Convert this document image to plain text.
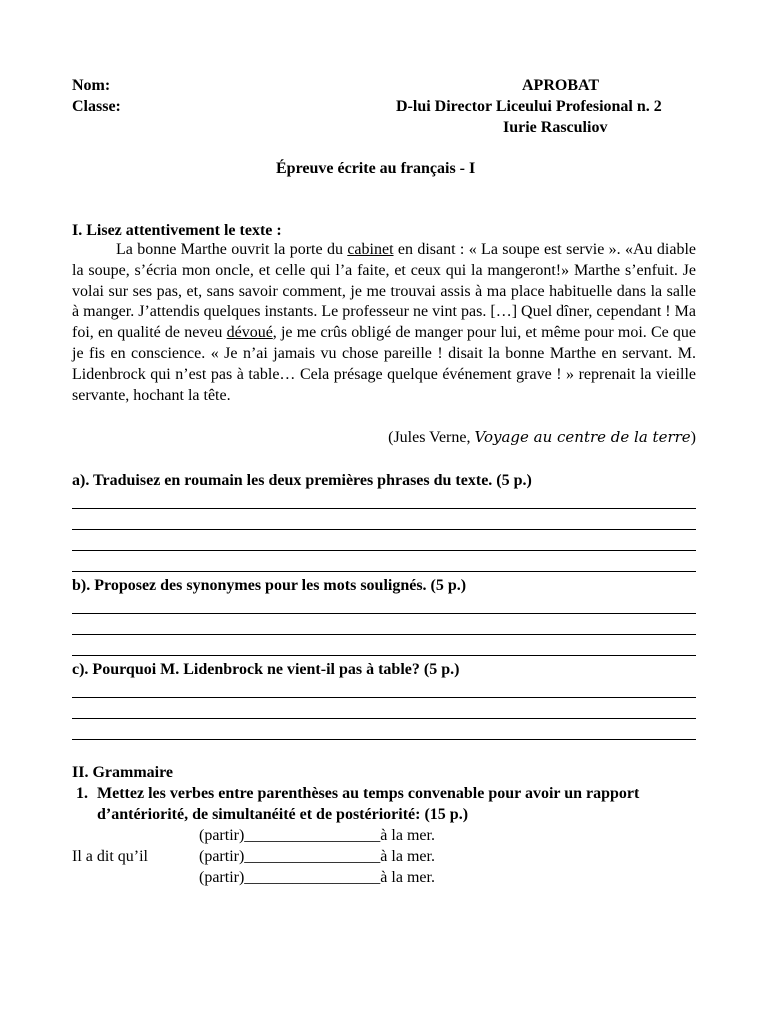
Nom:
Classe:
APROBAT
D-lui Director Liceului Profesional n. 2
Iurie Rasculiov
Épreuve écrite au français - I
I. Lisez attentivement le texte :
La bonne Marthe ouvrit la porte du cabinet en disant : « La soupe est servie ». «Au diable la soupe, s’écria mon oncle, et celle qui l’a faite, et ceux qui la mangeront!» Marthe s’enfuit. Je volai sur ses pas, et, sans savoir comment, je me trouvai assis à ma place habituelle dans la salle à manger. J’attendis quelques instants. Le professeur ne vint pas. […] Quel dîner, cependant ! Ma foi, en qualité de neveu dévoué, je me crûs obligé de manger pour lui, et même pour moi. Ce que je fis en conscience. « Je n’ai jamais vu chose pareille ! disait la bonne Marthe en servant. M. Lidenbrock qui n’est pas à table… Cela présage quelque événement grave ! » reprenait la vieille servante, hochant la tête.
(Jules Verne, Voyage au centre de la terre)
a). Traduisez en roumain les deux premières phrases du texte. (5 p.)
b). Proposez des synonymes pour les mots soulignés. (5 p.)
c). Pourquoi M. Lidenbrock ne vient-il pas à table? (5 p.)
II. Grammaire
1. Mettez les verbes entre parenthèses au temps convenable pour avoir un rapport
d’antériorité, de simultanéité et de postériorité: (15 p.)
(partir)_________________à la mer.
Il a dit qu’il	(partir)_________________à la mer.
(partir)_________________à la mer.
